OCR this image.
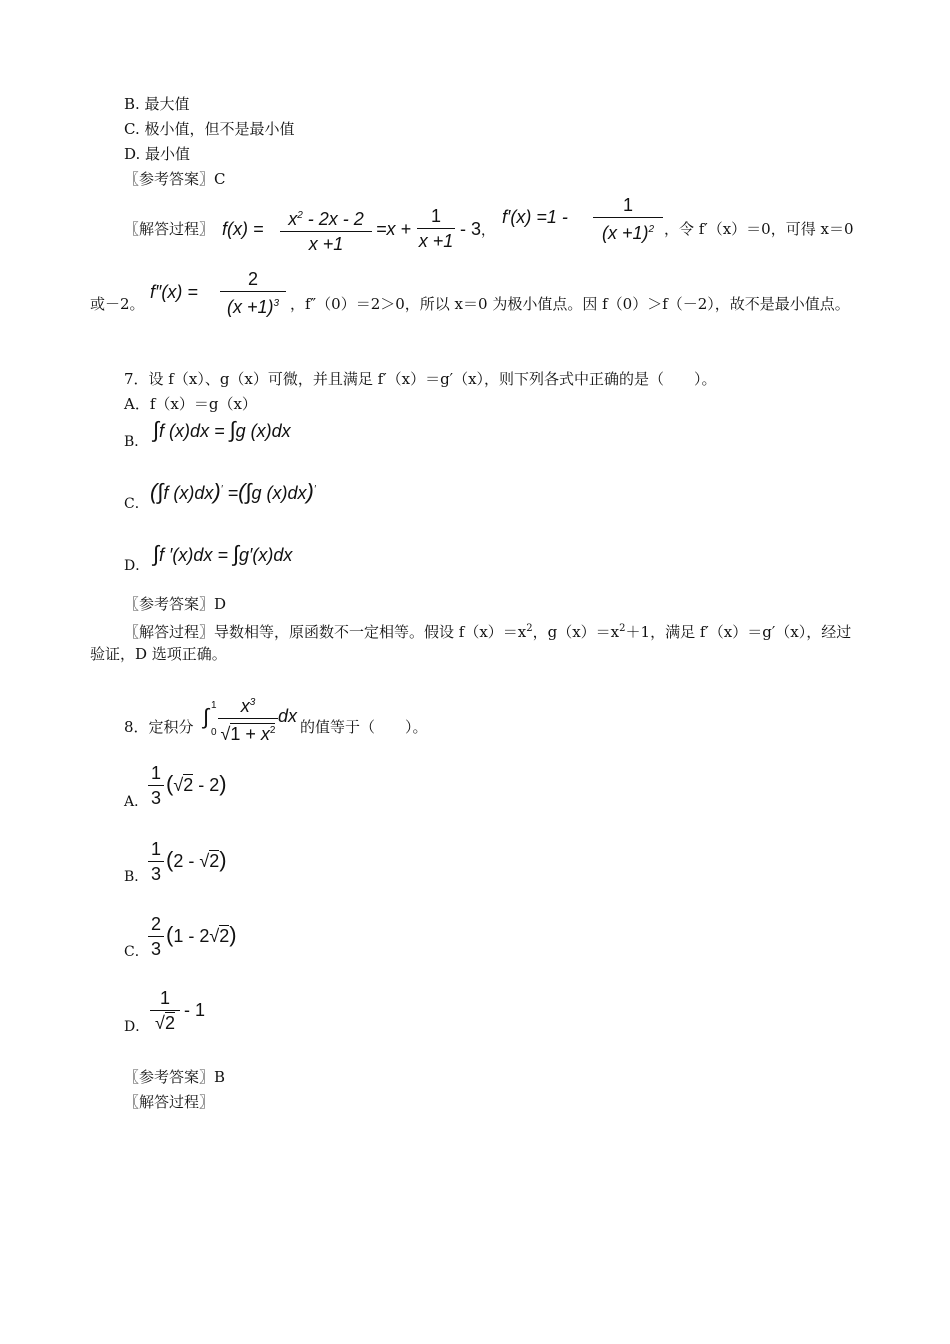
B. 最大值
C. 极小值，但不是最小值
D. 最小值
〖参考答案〗C
〖解答过程〗 f(x) =	$x^2 - 2x - 2$
x +1
=x +
1
x +1
- 3，
f′(x) =1 -
1
$(x +1)^2$ ，令 f′（x）＝0，可得 x＝0
或－2。
f″(x) =
2
$(x +1)^3$ ，f″（0）＝2＞0，所以 x＝0 为极小值点。因 f（0）＞f（－2），故不是最小值点。
7．设 f（x）、g（x）可微，并且满足 f′（x）＝g′（x），则下列各式中正确的是（　　）。
A．f（x）＝g（x）
B． ∫f (x)dx = ∫g (x)dx
C． (∫f (x)dx)′ =(∫g (x)dx)′
D． ∫f ′(x)dx = ∫g′(x)dx
〖参考答案〗D
〖解答过程〗导数相等，原函数不一定相等。假设 $f(x)=x^2$，$g(x)=x^2+1$，满足 f′（x）＝g′（x），经过
验证，D 选项正确。
8．定积分 ∫ 1
0
$x^3$
$√1 + x^2$
dx
的值等于（　　）。
A．
1
3
(√2 - 2)
B．
1
3
(2 - √2)
C．
2
3
(1 - 2√2)
D．
1
√2
- 1
〖参考答案〗B
〖解答过程〗
